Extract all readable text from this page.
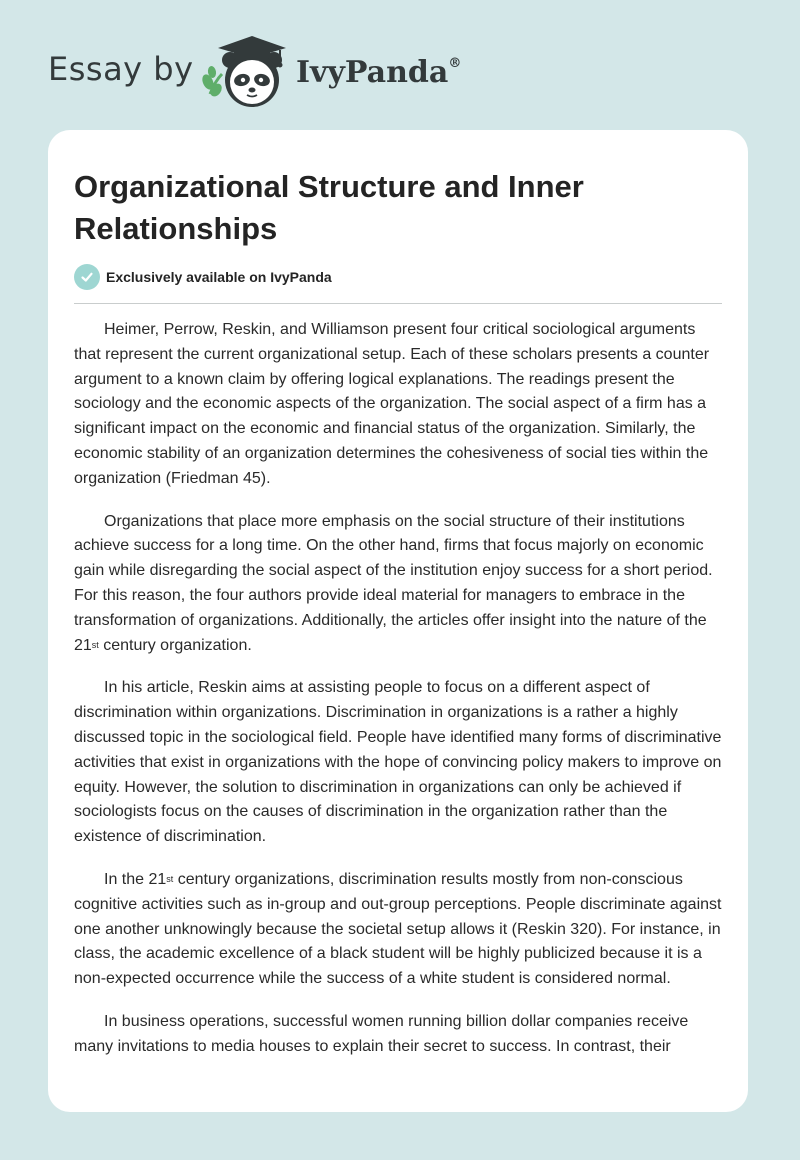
Essay by	IvyPanda®
Organizational Structure and Inner Relationships
Exclusively available on IvyPanda

Heimer, Perrow, Reskin, and Williamson present four critical sociological arguments that represent the current organizational setup. Each of these scholars presents a counter argument to a known claim by offering logical explanations. The readings present the sociology and the economic aspects of the organization. The social aspect of a firm has a significant impact on the economic and financial status of the organization. Similarly, the economic stability of an organization determines the cohesiveness of social ties within the organization (Friedman 45).

Organizations that place more emphasis on the social structure of their institutions achieve success for a long time. On the other hand, firms that focus majorly on economic gain while disregarding the social aspect of the institution enjoy success for a short period. For this reason, the four authors provide ideal material for managers to embrace in the transformation of organizations. Additionally, the articles offer insight into the nature of the 21st century organization.

In his article, Reskin aims at assisting people to focus on a different aspect of discrimination within organizations. Discrimination in organizations is a rather a highly discussed topic in the sociological field. People have identified many forms of discriminative activities that exist in organizations with the hope of convincing policy makers to improve on equity. However, the solution to discrimination in organizations can only be achieved if sociologists focus on the causes of discrimination in the organization rather than the existence of discrimination.

In the 21st century organizations, discrimination results mostly from non-conscious cognitive activities such as in-group and out-group perceptions. People discriminate against one another unknowingly because the societal setup allows it (Reskin 320). For instance, in class, the academic excellence of a black student will be highly publicized because it is a non-expected occurrence while the success of a white student is considered normal.

In business operations, successful women running billion dollar companies receive many invitations to media houses to explain their secret to success. In contrast, their
